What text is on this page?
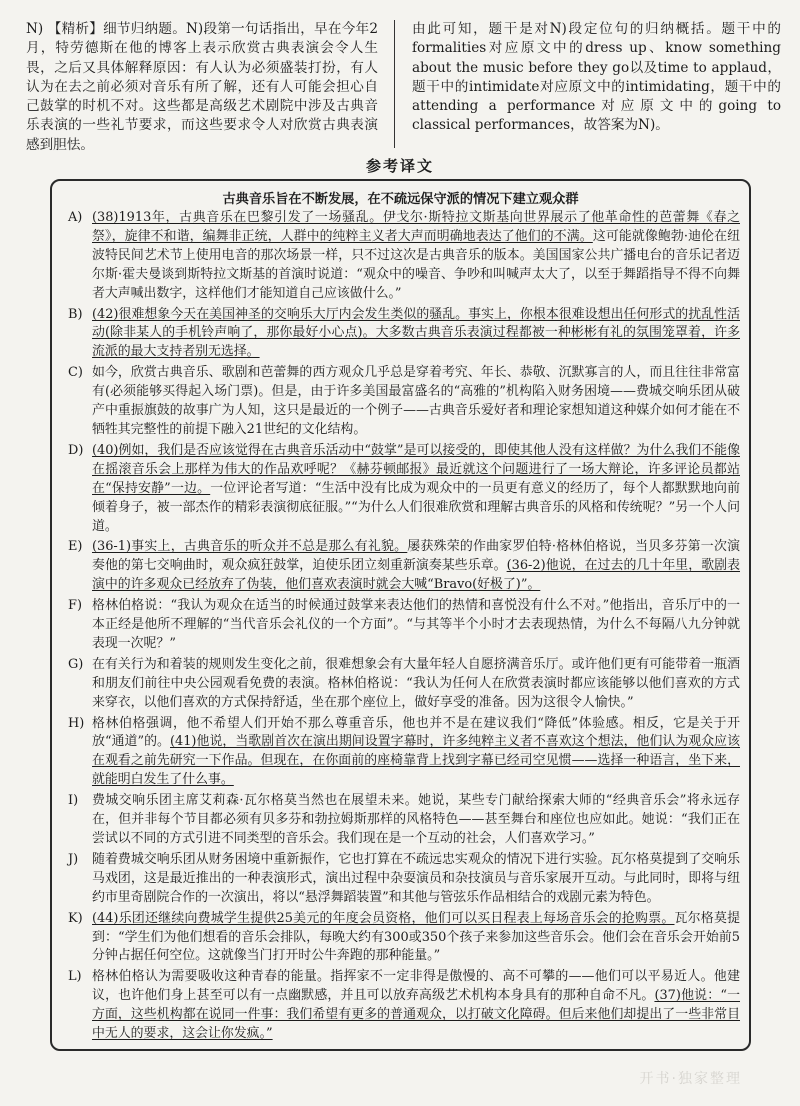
N) 【精析】细节归纳题。N)段第一句话指出，早在今年2月，特劳德斯在他的博客上表示欣赏古典表演会令人生畏，之后又具体解释原因：有人认为必须盛装打扮，有人认为在去之前必须对音乐有所了解，还有人可能会担心自己鼓掌的时机不对。这些都是高级艺术剧院中涉及古典音乐表演的一些礼节要求，而这些要求令人对欣赏古典表演感到胆怯。
由此可知，题干是对N)段定位句的归纳概括。题干中的formalities对应原文中的dress up、know something about the music before they go以及time to applaud，题干中的intimidate对应原文中的intimidating，题干中的attending a performance对应原文中的going to classical performances，故答案为N)。
参考译文
古典音乐旨在不断发展，在不疏远保守派的情况下建立观众群
A) (38)1913年，古典音乐在巴黎引发了一场骚乱。伊戈尔·斯特拉文斯基向世界展示了他革命性的芭蕾舞《春之祭》，旋律不和谐，编舞非正统，人群中的纯粹主义者大声而明确地表达了他们的不满。这可能就像鲍勃·迪伦在纽波特民间艺术节上使用电音的那次场景一样，只不过这次是古典音乐的版本。美国国家公共广播电台的音乐记者迈尔斯·霍夫曼谈到斯特拉文斯基的首演时说道：“观众中的噪音、争吵和叫喊声太大了，以至于舞蹈指导不得不向舞者大声喊出数字，这样他们才能知道自己应该做什么。”
B) (42)很难想象今天在美国神圣的交响乐大厅内会发生类似的骚乱。事实上，你根本很难设想出任何形式的扰乱性活动(除非某人的手机铃声响了，那你最好小心点)。大多数古典音乐表演过程都被一种彬彬有礼的氛围笼罩着，许多流派的最大支持者别无选择。
C) 如今，欣赏古典音乐、歌剧和芭蕾舞的西方观众几乎总是穿着考究、年长、恭敬、沉默寡言的人，而且往往非常富有(必须能够买得起入场门票)。但是，由于许多美国最富盛名的“高雅的”机构陷入财务困境——费城交响乐团从破产中重振旗鼓的故事广为人知，这只是最近的一个例子——古典音乐爱好者和理论家想知道这种媒介如何才能在不牺牲其完整性的前提下融入21世纪的文化结构。
D) (40)例如，我们是否应该觉得在古典音乐活动中“鼓掌”是可以接受的，即使其他人没有这样做？为什么我们不能像在摇滚音乐会上那样为伟大的作品欢呼呢？《赫芬顿邮报》最近就这个问题进行了一场大辩论，许多评论员都站在“保持安静”一边。一位评论者写道：“生活中没有比成为观众中的一员更有意义的经历了，每个人都默默地向前倾着身子，被一部杰作的精彩表演彻底征服。”“为什么人们很难欣赏和理解古典音乐的风格和传统呢？”另一个人问道。
E) (36-1)事实上，古典音乐的听众并不总是那么有礼貌。屡获殊荣的作曲家罗伯特·格林伯格说，当贝多芬第一次演奏他的第七交响曲时，观众疯狂鼓掌，迫使乐团立刻重新演奏某些乐章。(36-2)他说，在过去的几十年里，歌剧表演中的许多观众已经放弃了伪装，他们喜欢表演时就会大喊“Bravo(好极了)”。
F) 格林伯格说：“我认为观众在适当的时候通过鼓掌来表达他们的热情和喜悦没有什么不对。”他指出，音乐厅中的一本正经是他所不理解的“当代音乐会礼仪的一个方面”。“与其等半个小时才去表现热情，为什么不每隔八九分钟就表现一次呢？”
G) 在有关行为和着装的规则发生变化之前，很难想象会有大量年轻人自愿挤满音乐厅。或许他们更有可能带着一瓶酒和朋友们前往中央公园观看免费的表演。格林伯格说：“我认为任何人在欣赏表演时都应该能够以他们喜欢的方式来穿衣，以他们喜欢的方式保持舒适，坐在那个座位上，做好享受的准备。因为这很令人愉快。”
H) 格林伯格强调，他不希望人们开始不那么尊重音乐，他也并不是在建议我们“降低”体验感。相反，它是关于开放“通道”的。(41)他说，当歌剧首次在演出期间设置字幕时，许多纯粹主义者不喜欢这个想法，他们认为观众应该在观看之前先研究一下作品。但现在，在你面前的座椅靠背上找到字幕已经司空见惯——选择一种语言，坐下来，就能明白发生了什么事。
I)	费城交响乐团主席艾莉森·瓦尔格莫当然也在展望未来。她说，某些专门献给探索大师的“经典音乐会”将永远存在，但并非每个节目都必须有贝多芬和勃拉姆斯那样的风格特色——甚至舞台和座位也应如此。她说：“我们正在尝试以不同的方式引进不同类型的音乐会。我们现在是一个互动的社会，人们喜欢学习。”
J)	随着费城交响乐团从财务困境中重新振作，它也打算在不疏远忠实观众的情况下进行实验。瓦尔格莫提到了交响乐马戏团，这是最近推出的一种表演形式，演出过程中杂耍演员和杂技演员与音乐家展开互动。与此同时，即将与纽约市里奇剧院合作的一次演出，将以“悬浮舞蹈装置”和其他与管弦乐作品相结合的戏剧元素为特色。
K) (44)乐团还继续向费城学生提供25美元的年度会员资格，他们可以买日程表上每场音乐会的抢购票。瓦尔格莫提到：“学生们为他们想看的音乐会排队，每晚大约有300或350个孩子来参加这些音乐会。他们会在音乐会开始前5分钟占据任何空位。这就像当门打开时公牛奔跑的那种能量。”
L) 格林伯格认为需要吸收这种青春的能量。指挥家不一定非得是傲慢的、高不可攀的——他们可以平易近人。他建议，也许他们身上甚至可以有一点幽默感，并且可以放弃高级艺术机构本身具有的那种自命不凡。(37)他说：“一方面，这些机构都在说同一件事：我们希望有更多的普通观众，以打破文化障碍。但后来他们却提出了一些非常目中无人的要求，这会让你发疯。”
开书·独家整理
